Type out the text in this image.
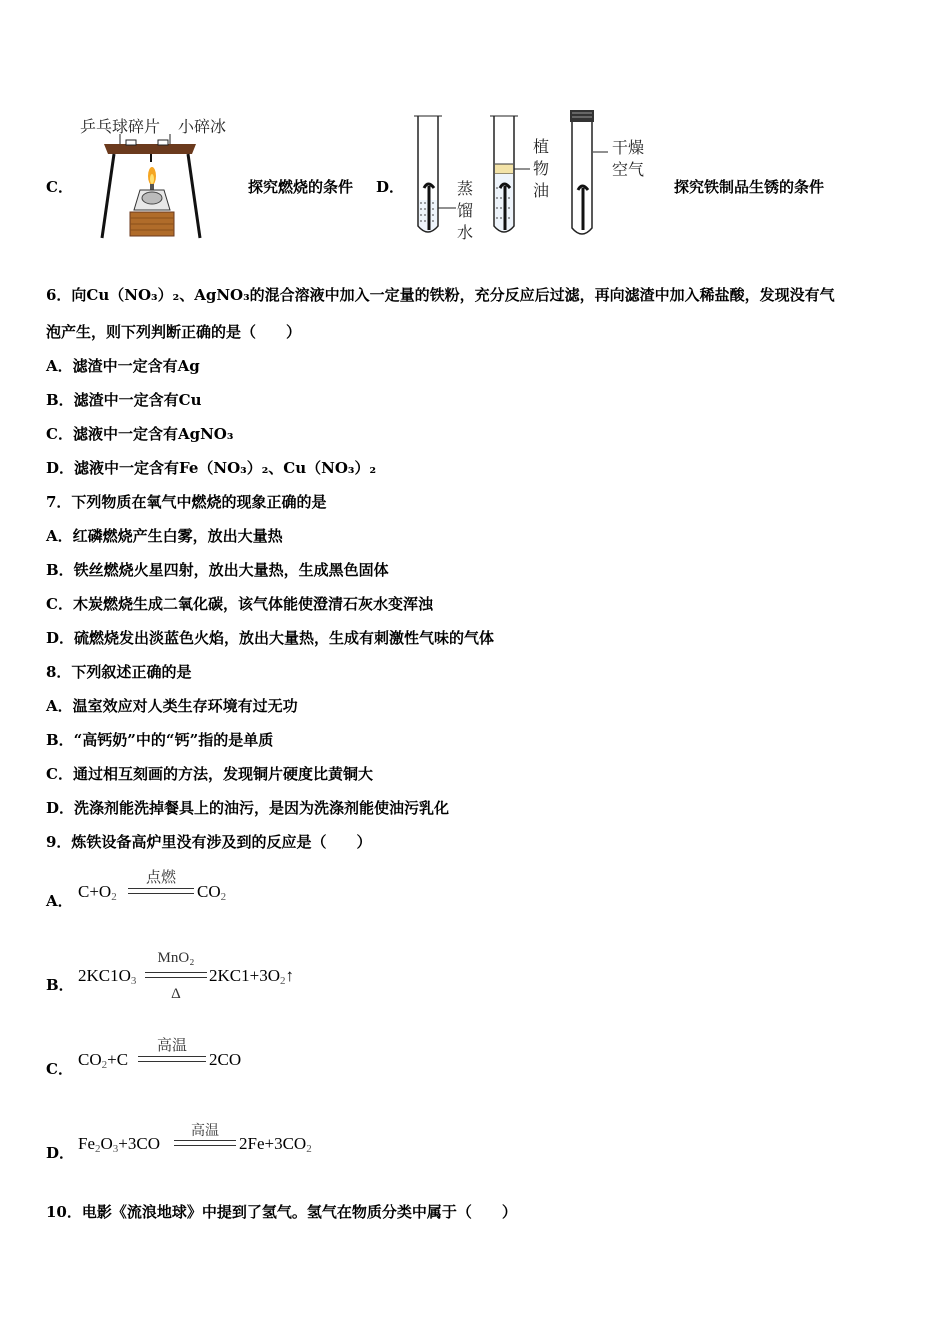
C．
乒乓球碎片 小碎冰
探究燃烧的条件 D．	蒸馏水
植物油
干燥空气
探究铁制品生锈的条件
6．向Cu（NO₃）₂、AgNO₃的混合溶液中加入一定量的铁粉，充分反应后过滤，再向滤渣中加入稀盐酸，发现没有气
泡产生，则下列判断正确的是（　　）
A．滤渣中一定含有Ag
B．滤渣中一定含有Cu
C．滤液中一定含有AgNO₃
D．滤液中一定含有Fe（NO₃）₂、Cu（NO₃）₂
7．下列物质在氧气中燃烧的现象正确的是
A．红磷燃烧产生白雾，放出大量热
B．铁丝燃烧火星四射，放出大量热，生成黑色固体
C．木炭燃烧生成二氧化碳，该气体能使澄清石灰水变浑浊
D．硫燃烧发出淡蓝色火焰，放出大量热，生成有刺激性气味的气体
8．下列叙述正确的是
A．温室效应对人类生存环境有过无功
B．“高钙奶”中的“钙”指的是单质
C．通过相互刻画的方法，发现铜片硬度比黄铜大
D．洗涤剂能洗掉餐具上的油污，是因为洗涤剂能使油污乳化
9．炼铁设备高炉里没有涉及到的反应是（　　）
A． $C+O_2$
点燃
$CO_2$
B． $2KC1O_3$
MnO₂
Δ
$2KC1+3O_2↑$
C． $CO_2+C$
高温
2CO
D． $Fe_2O_3+3CO$
高温
$2Fe+3CO_2$
10．电影《流浪地球》中提到了氢气。氢气在物质分类中属于（　　）
